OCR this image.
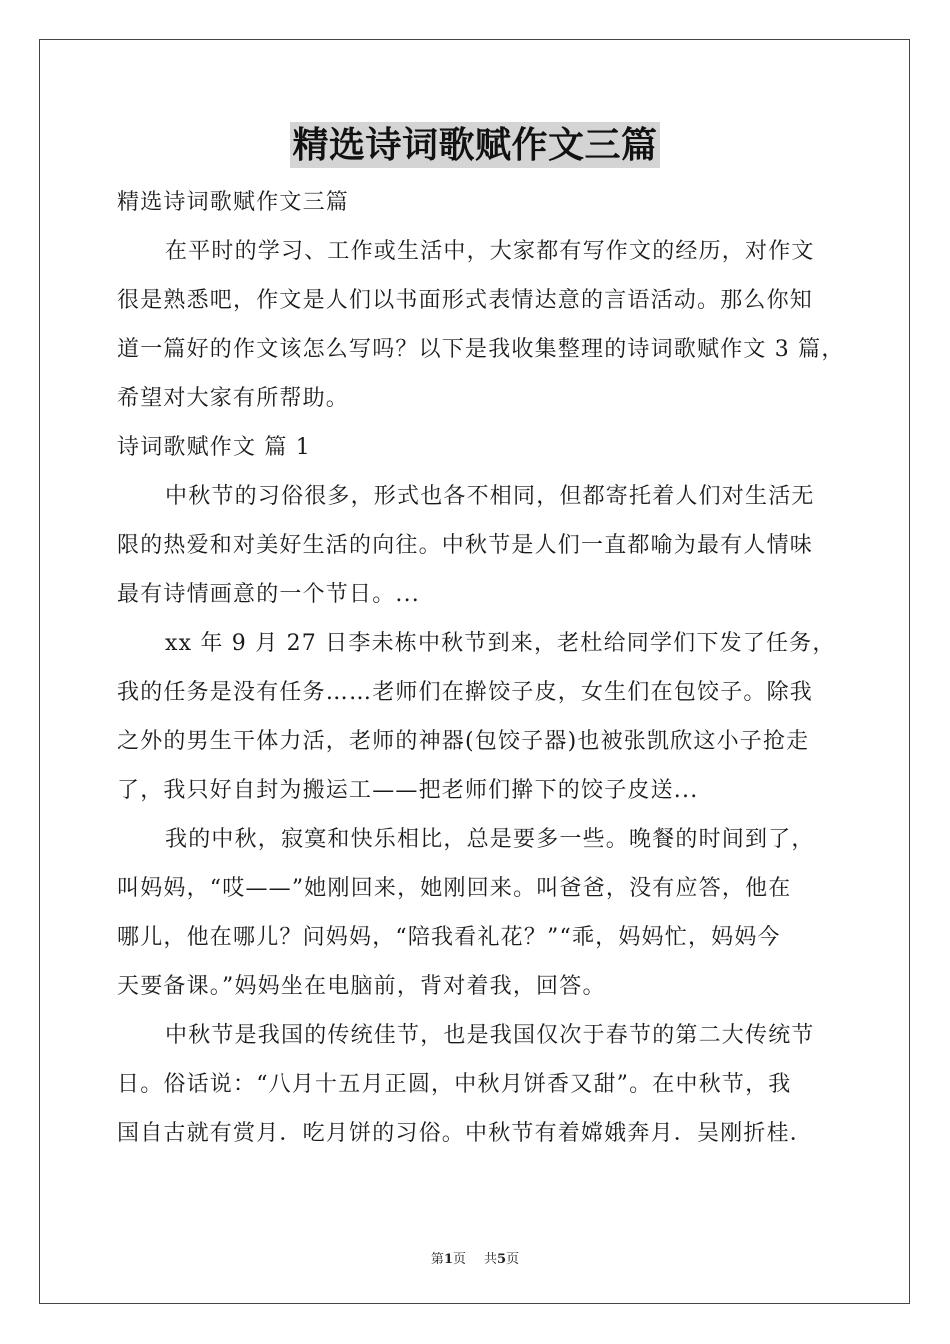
精选诗词歌赋作文三篇
精选诗词歌赋作文三篇
在平时的学习、工作或生活中，大家都有写作文的经历，对作文
很是熟悉吧，作文是人们以书面形式表情达意的言语活动。那么你知
道一篇好的作文该怎么写吗？以下是我收集整理的诗词歌赋作文 3 篇，
希望对大家有所帮助。
诗词歌赋作文 篇 1
中秋节的习俗很多，形式也各不相同，但都寄托着人们对生活无
限的热爱和对美好生活的向往。中秋节是人们一直都喻为最有人情味
最有诗情画意的一个节日。...
xx 年 9 月 27 日李未栋中秋节到来，老杜给同学们下发了任务，
我的任务是没有任务……老师们在擀饺子皮，女生们在包饺子。除我
之外的男生干体力活，老师的神器(包饺子器)也被张凯欣这小子抢走
了，我只好自封为搬运工——把老师们擀下的饺子皮送...
我的中秋，寂寞和快乐相比，总是要多一些。晚餐的时间到了，
叫妈妈，“哎——”她刚回来，她刚回来。叫爸爸，没有应答，他在
哪儿，他在哪儿？问妈妈，“陪我看礼花？”“乖，妈妈忙，妈妈今
天要备课。”妈妈坐在电脑前，背对着我，回答。
中秋节是我国的传统佳节，也是我国仅次于春节的第二大传统节
日。俗话说：“八月十五月正圆，中秋月饼香又甜”。在中秋节，我
国自古就有赏月．吃月饼的习俗。中秋节有着嫦娥奔月．吴刚折桂．
第1页 共5页
